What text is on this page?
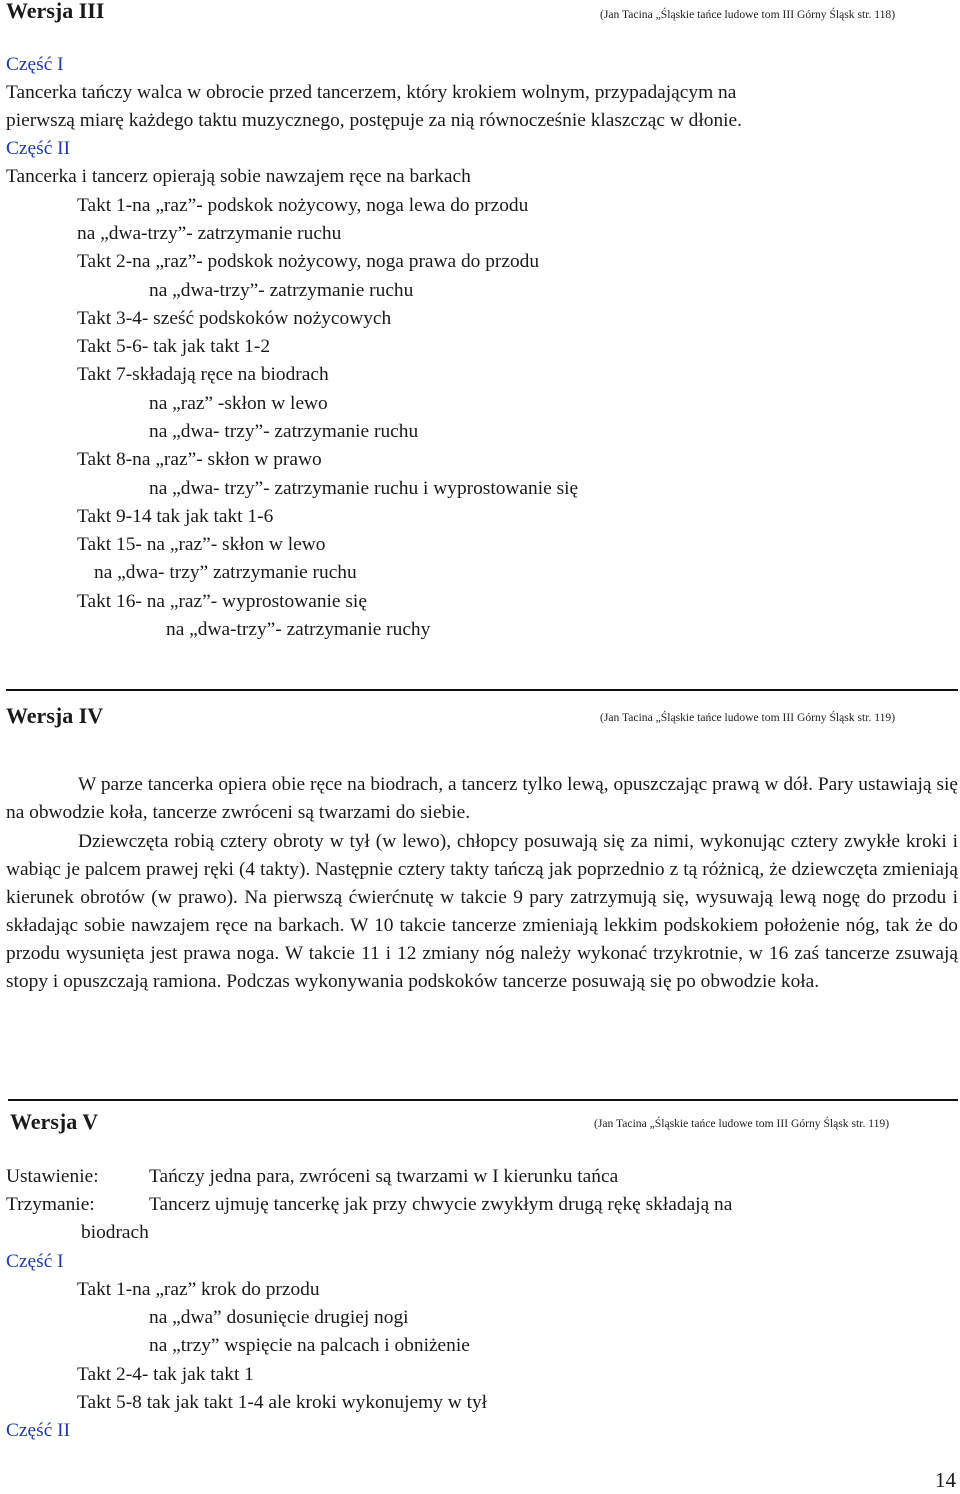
Wersja III	(Jan Tacina „Śląskie tańce ludowe tom III Górny Śląsk str. 118)
Część I
Tancerka tańczy walca w obrocie przed tancerzem, który krokiem wolnym, przypadającym na
pierwszą miarę każdego taktu muzycznego, postępuje za nią równocześnie klaszcząc w dłonie.
Część II
Tancerka i tancerz opierają sobie nawzajem ręce na barkach
Takt 1-na „raz”- podskok nożycowy, noga lewa do przodu
na „dwa-trzy”- zatrzymanie ruchu
Takt 2-na „raz”- podskok nożycowy, noga prawa do przodu
na „dwa-trzy”- zatrzymanie ruchu
Takt 3-4- sześć podskoków nożycowych
Takt 5-6- tak jak takt 1-2
Takt 7-składają ręce na biodrach
na „raz” -skłon w lewo
na „dwa- trzy”- zatrzymanie ruchu
Takt 8-na „raz”- skłon w prawo
na „dwa- trzy”- zatrzymanie ruchu i wyprostowanie się
Takt 9-14 tak jak takt 1-6
Takt 15- na „raz”- skłon w lewo
na „dwa- trzy” zatrzymanie ruchu
Takt 16- na „raz”- wyprostowanie się
na „dwa-trzy”- zatrzymanie ruchy
Wersja IV	(Jan Tacina „Śląskie tańce ludowe tom III Górny Śląsk str. 119)
W parze tancerka opiera obie ręce na biodrach, a tancerz tylko lewą, opuszczając prawą w dół. Pary ustawiają się na obwodzie koła, tancerze zwróceni są twarzami do siebie.
Dziewczęta robią cztery obroty w tył (w lewo), chłopcy posuwają się za nimi, wykonując cztery zwykłe kroki i wabiąc je palcem prawej ręki (4 takty). Następnie cztery takty tańczą jak poprzednio z tą różnicą, że dziewczęta zmieniają kierunek obrotów (w prawo). Na pierwszą ćwierćnutę w takcie 9 pary zatrzymują się, wysuwają lewą nogę do przodu i składając sobie nawzajem ręce na barkach. W 10 takcie tancerze zmieniają lekkim podskokiem położenie nóg, tak że do przodu wysunięta jest prawa noga. W takcie 11 i 12 zmiany nóg należy wykonać trzykrotnie, w 16 zaś tancerze zsuwają stopy i opuszczają ramiona. Podczas wykonywania podskoków tancerze posuwają się po obwodzie koła.
Wersja V	(Jan Tacina „Śląskie tańce ludowe tom III Górny Śląsk str. 119)
Ustawienie:	Tańczy jedna para, zwróceni są twarzami w I kierunku tańca
Trzymanie:	Tancerz ujmuję tancerkę jak przy chwycie zwykłym drugą rękę składają na
biodrach
Część I
Takt 1-na „raz” krok do przodu
na „dwa” dosunięcie drugiej nogi
na „trzy” wspięcie na palcach i obniżenie
Takt 2-4- tak jak takt 1
Takt 5-8 tak jak takt 1-4 ale kroki wykonujemy w tył
Część II
14
